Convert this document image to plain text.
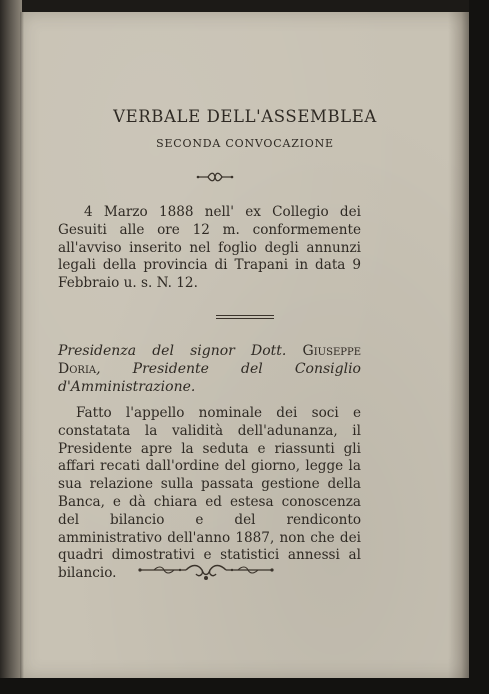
VERBALE DELL'ASSEMBLEA
SECONDA CONVOCAZIONE
4 Marzo 1888 nell' ex Collegio dei Gesuiti alle ore 12 m. conformemente all'avviso inserito nel foglio degli annunzi legali della provincia di Trapani in data 9 Febbraio u. s. N. 12.
Presidenza del signor Dott. Giuseppe Doria, Presidente del Consiglio d'Amministrazione.
Fatto l'appello nominale dei soci e constatata la validità dell'adunanza, il Presidente apre la seduta e riassunti gli affari recati dall'ordine del giorno, legge la sua relazione sulla passata gestione della Banca, e dà chiara ed estesa conoscenza del bilancio e del rendiconto amministrativo dell'anno 1887, non che dei quadri dimostrativi e statistici annessi al bilancio.
